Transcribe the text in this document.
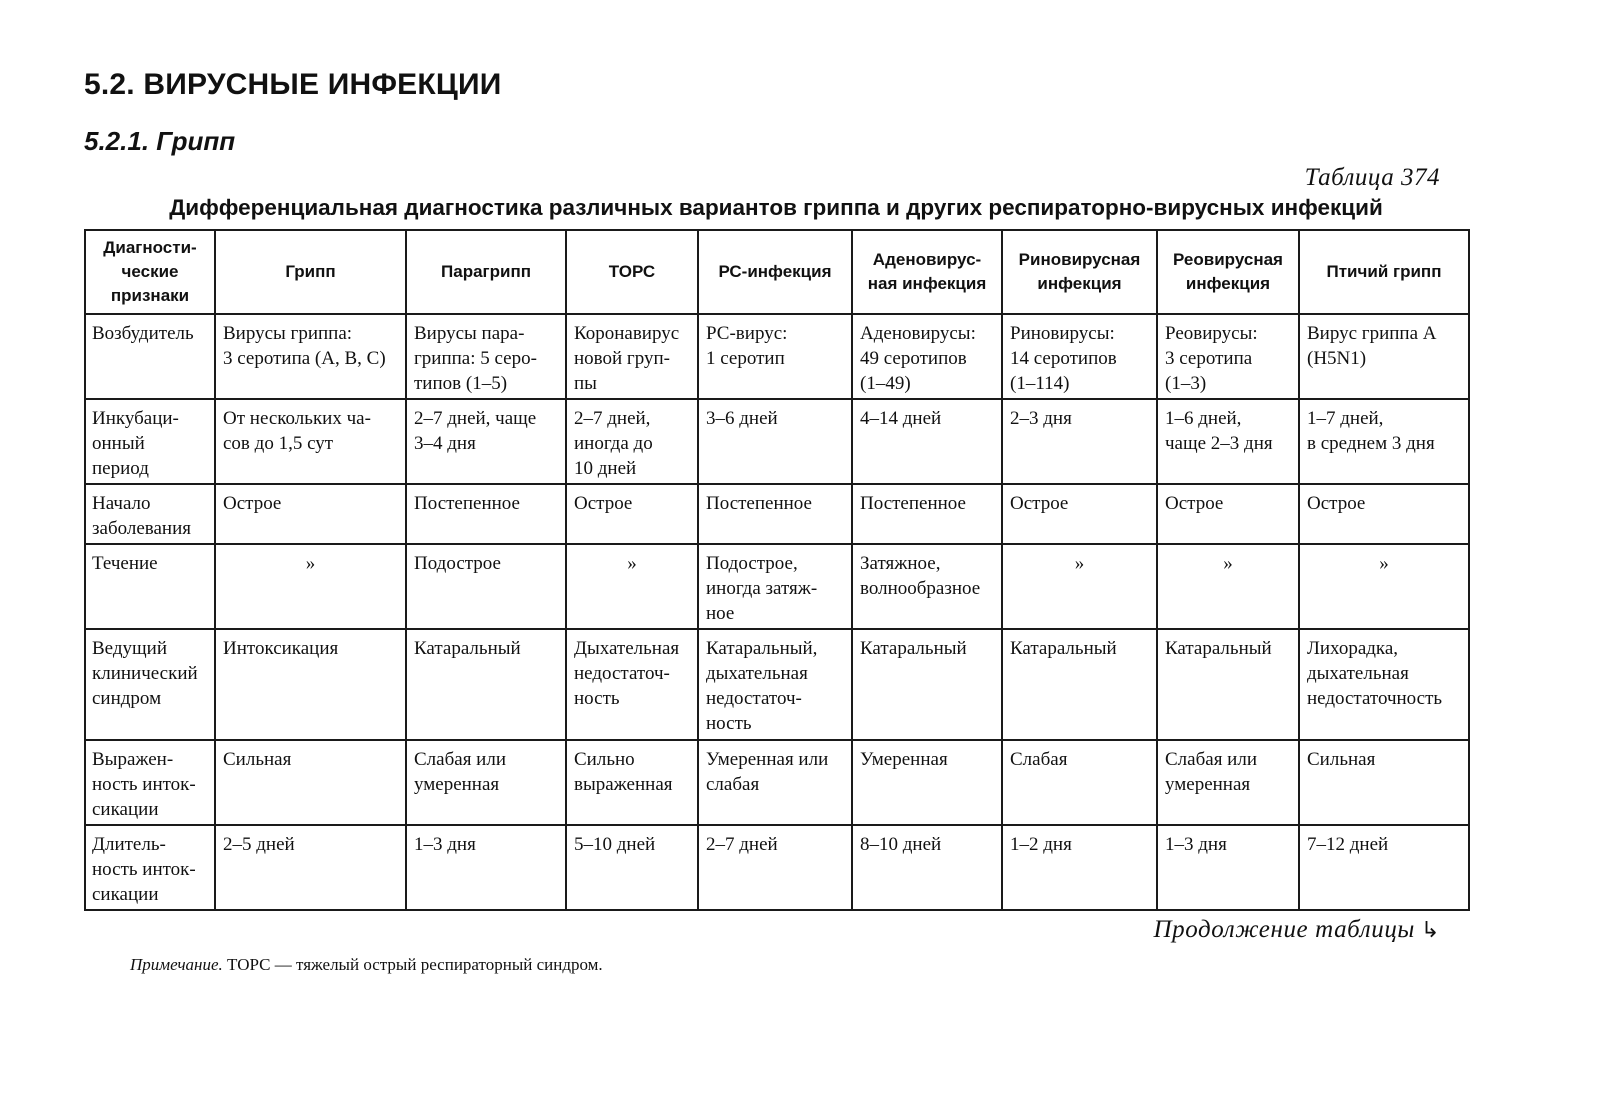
5.2. ВИРУСНЫЕ ИНФЕКЦИИ
5.2.1. Грипп
Таблица 374
Дифференциальная диагностика различных вариантов гриппа и других респираторно-вирусных инфекций
Диагности-
ческие
признаки	Грипп	Парагрипп	ТОРС	РС-инфекция	Аденовирус-
ная инфекция	Риновирусная
инфекция	Реовирусная
инфекция	Птичий грипп
Возбудитель	Вирусы гриппа:
3 серотипа (А, В, С)	Вирусы пара-
гриппа: 5 серо-
типов (1–5)	Коронавирус
новой груп-
пы	РС-вирус:
1 серотип	Аденовирусы:
49 серотипов
(1–49)	Риновирусы:
14 серотипов
(1–114)	Реовирусы:
3 серотипа
(1–3)	Вирус гриппа А
(H5N1)
Инкубаци-
онный
период	От нескольких ча-
сов до 1,5 сут	2–7 дней, чаще
3–4 дня	2–7 дней,
иногда до
10 дней	3–6 дней	4–14 дней	2–3 дня	1–6 дней,
чаще 2–3 дня	1–7 дней,
в среднем 3 дня
Начало
заболевания	Острое	Постепенное	Острое	Постепенное	Постепенное	Острое	Острое	Острое
Течение	»	Подострое	»	Подострое,
иногда затяж-
ное	Затяжное,
волнообразное	»	»	»
Ведущий
клинический
синдром	Интоксикация	Катаральный	Дыхательная
недостаточ-
ность	Катаральный,
дыхательная
недостаточ-
ность	Катаральный	Катаральный	Катаральный	Лихорадка,
дыхательная
недостаточность
Выражен-
ность инток-
сикации	Сильная	Слабая или
умеренная	Сильно
выраженная	Умеренная или
слабая	Умеренная	Слабая	Слабая или
умеренная	Сильная
Длитель-
ность инток-
сикации	2–5 дней	1–3 дня	5–10 дней	2–7 дней	8–10 дней	1–2 дня	1–3 дня	7–12 дней
Продолжение таблицы ↳
Примечание. ТОРС — тяжелый острый респираторный синдром.
